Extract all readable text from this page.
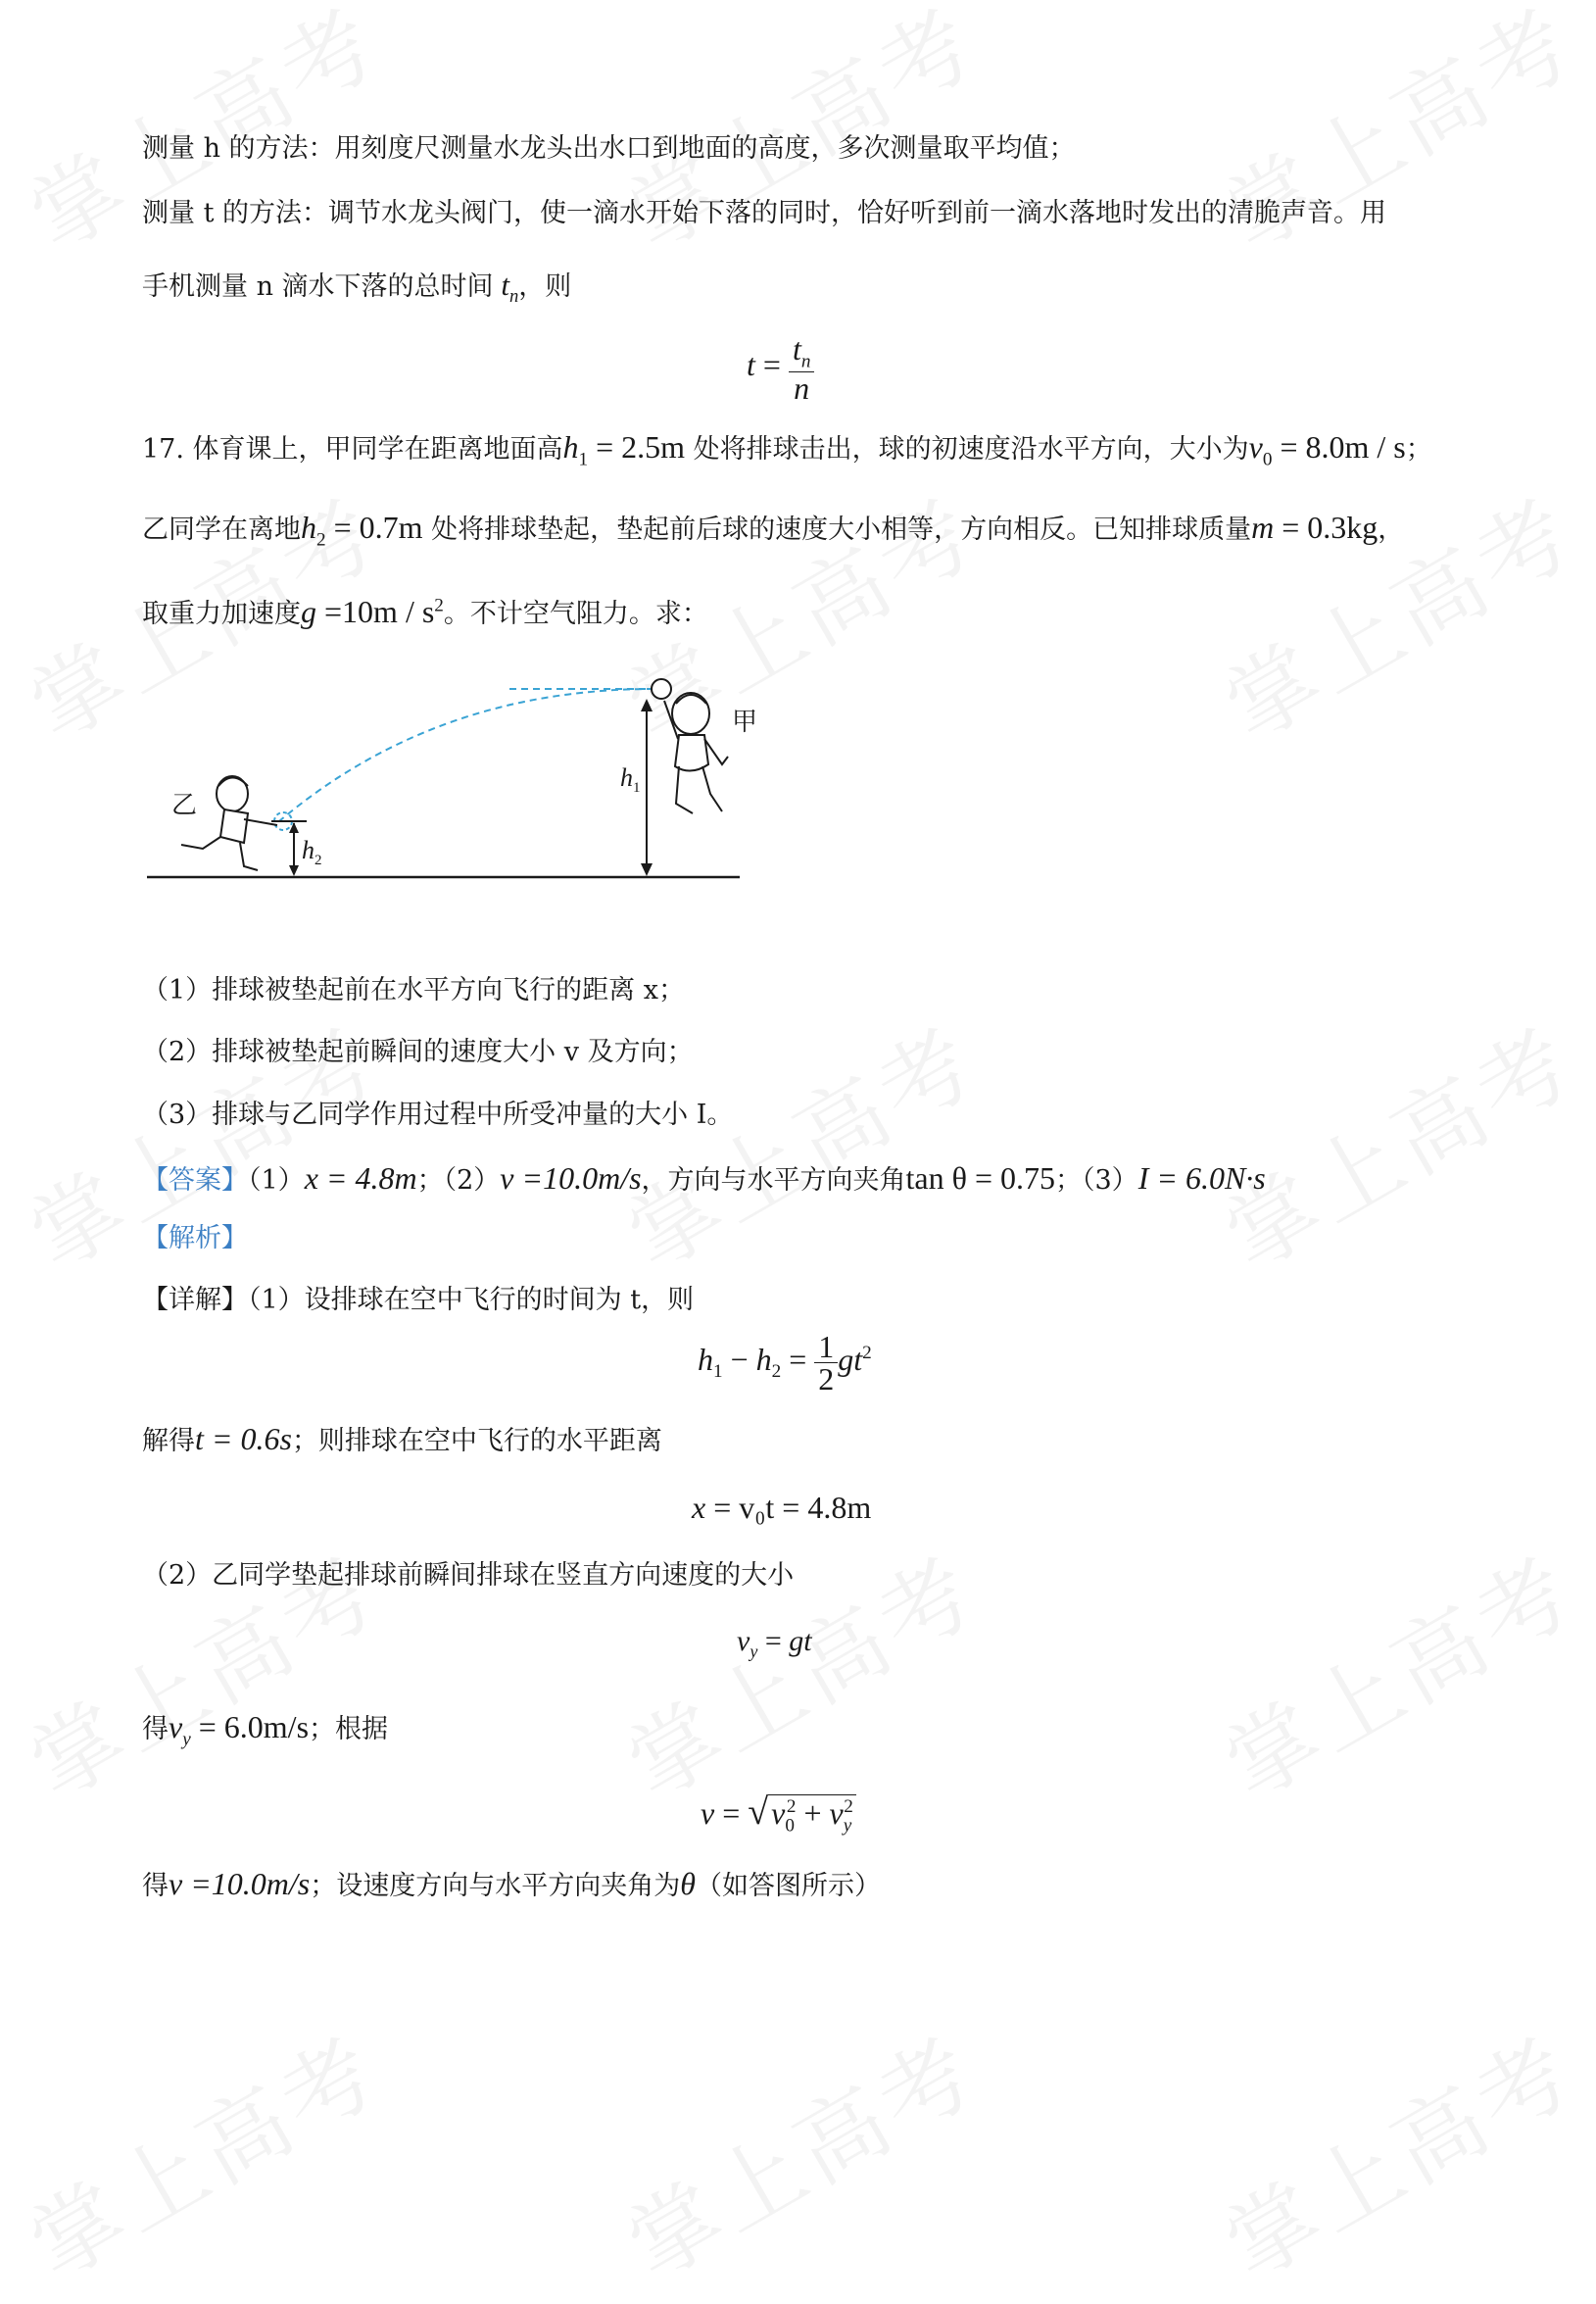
测量 h 的方法：用刻度尺测量水龙头出水口到地面的高度，多次测量取平均值；
测量 t 的方法：调节水龙头阀门，使一滴水开始下落的同时，恰好听到前一滴水落地时发出的清脆声音。用
手机测量 n 滴水下落的总时间 $t_n$，则
$t = \frac{t_n}{n}$
17. 体育课上，甲同学在距离地面高$h_1 = 2.5m$ 处将排球击出，球的初速度沿水平方向，大小为$v_0 = 8.0m / s$；
乙同学在离地$h_2 = 0.7m$ 处将排球垫起，垫起前后球的速度大小相等，方向相反。已知排球质量m = 0.3kg，
取重力加速度$g =10m / s^2$。不计空气阻力。求：
$h_1$
$h_2$
甲
乙
（1）排球被垫起前在水平方向飞行的距离 x；
（2）排球被垫起前瞬间的速度大小 v 及方向；
（3）排球与乙同学作用过程中所受冲量的大小 I。
【答案】（1）x = 4.8m；（2）v =10.0m/s，方向与水平方向夹角tan θ = 0.75；（3）I = 6.0N·s
【解析】
【详解】（1）设排球在空中飞行的时间为 t，则
$h_1 - h_2 = \frac{1}{2} gt^2$
解得t = 0.6s；则排球在空中飞行的水平距离
x = v₀t = 4.8m
（2）乙同学垫起排球前瞬间排球在竖直方向速度的大小
$v_y$ = gt
得$v_y = 6.0m/s$；根据
$v = √v_0^2 + v_y^2$
得v =10.0m/s；设速度方向与水平方向夹角为θ（如答图所示）
